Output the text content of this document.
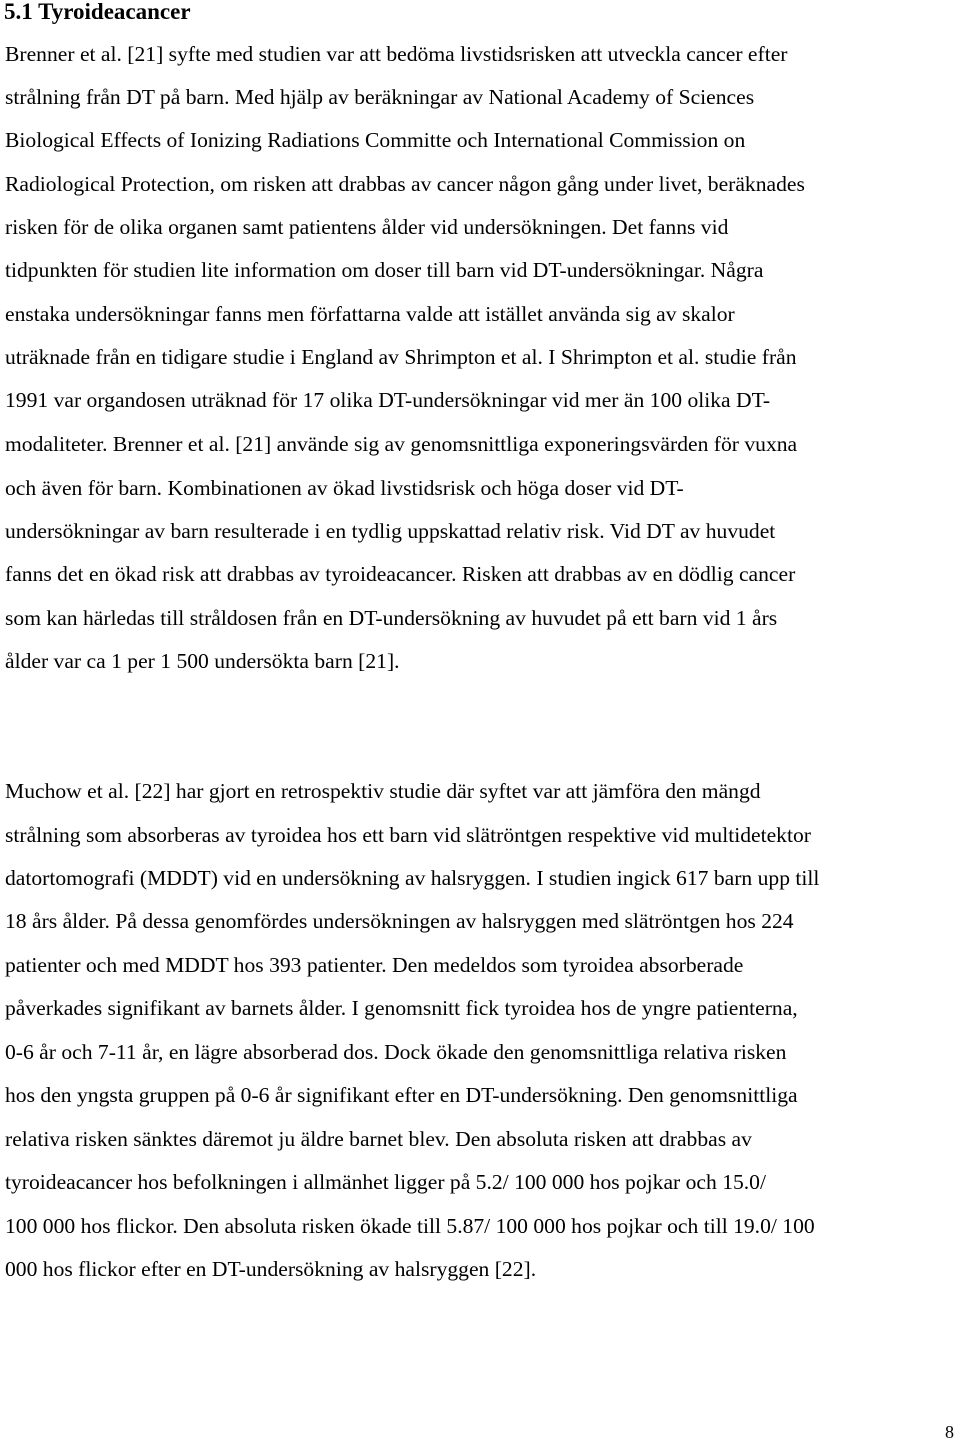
5.1 Tyroideacancer

Brenner et al. [21] syfte med studien var att bedöma livstidsrisken att utveckla cancer efter

strålning från DT på barn. Med hjälp av beräkningar av National Academy of Sciences

Biological Effects of Ionizing Radiations Committe och International Commission on

Radiological Protection, om risken att drabbas av cancer någon gång under livet, beräknades

risken för de olika organen samt patientens ålder vid undersökningen. Det fanns vid

tidpunkten för studien lite information om doser till barn vid DT-undersökningar. Några

enstaka undersökningar fanns men författarna valde att istället använda sig av skalor

uträknade från en tidigare studie i England av Shrimpton et al. I Shrimpton et al. studie från

1991 var organdosen uträknad för 17 olika DT-undersökningar vid mer än 100 olika DT-

modaliteter. Brenner et al. [21] använde sig av genomsnittliga exponeringsvärden för vuxna

och även för barn. Kombinationen av ökad livstidsrisk och höga doser vid DT-

undersökningar av barn resulterade i en tydlig uppskattad relativ risk. Vid DT av huvudet

fanns det en ökad risk att drabbas av tyroideacancer. Risken att drabbas av en dödlig cancer

som kan härledas till stråldosen från en DT-undersökning av huvudet på ett barn vid 1 års

ålder var ca 1 per 1 500 undersökta barn [21].

Muchow et al. [22] har gjort en retrospektiv studie där syftet var att jämföra den mängd

strålning som absorberas av tyroidea hos ett barn vid slätröntgen respektive vid multidetektor

datortomografi (MDDT) vid en undersökning av halsryggen. I studien ingick 617 barn upp till

18 års ålder. På dessa genomfördes undersökningen av halsryggen med slätröntgen hos 224

patienter och med MDDT hos 393 patienter. Den medeldos som tyroidea absorberade

påverkades signifikant av barnets ålder. I genomsnitt fick tyroidea hos de yngre patienterna,

0-6 år och 7-11 år, en lägre absorberad dos. Dock ökade den genomsnittliga relativa risken

hos den yngsta gruppen på 0-6 år signifikant efter en DT-undersökning. Den genomsnittliga

relativa risken sänktes däremot ju äldre barnet blev. Den absoluta risken att drabbas av

tyroideacancer hos befolkningen i allmänhet ligger på 5.2/ 100 000 hos pojkar och 15.0/

100 000 hos flickor. Den absoluta risken ökade till 5.87/ 100 000 hos pojkar och till 19.0/ 100

000 hos flickor efter en DT-undersökning av halsryggen [22].

8
